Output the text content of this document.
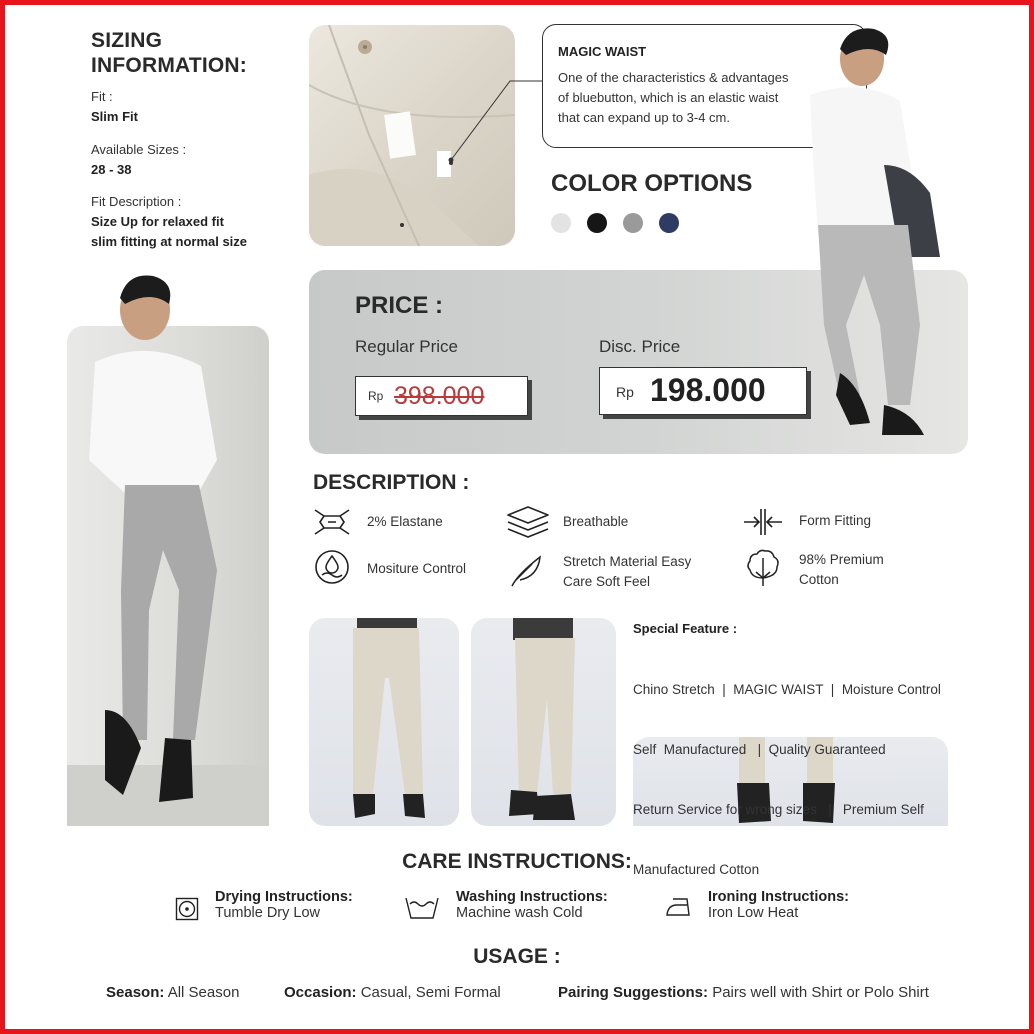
SIZING
INFORMATION:
Fit :
Slim Fit
Available Sizes :
28 - 38
Fit Description :
Size Up for relaxed fit
slim fitting at normal size
MAGIC WAIST
One of the characteristics & advantages
of bluebutton, which is an elastic waist
that can expand up to 3-4 cm.
COLOR OPTIONS
PRICE :
Regular Price	Disc. Price
Rp 398.000	Rp 198.000
DESCRIPTION :
2% Elastane	Breathable	Form Fitting
Mositure Control	Stretch Material Easy
Care Soft Feel
98% Premium
Cotton
Special Feature :

Chino Stretch  |  MAGIC WAIST  |  Moisture Control

Self  Manufactured   |  Quality Guaranteed

Return Service for wrong sizes   |   Premium Self

Manufactured Cotton

CARE INSTRUCTIONS:
Drying Instructions:
Tumble Dry Low
Washing Instructions:
Machine wash Cold
Ironing Instructions:
Iron Low Heat
USAGE :
Season: All Season	Occasion: Casual, Semi Formal	Pairing Suggestions: Pairs well with Shirt or Polo Shirt
